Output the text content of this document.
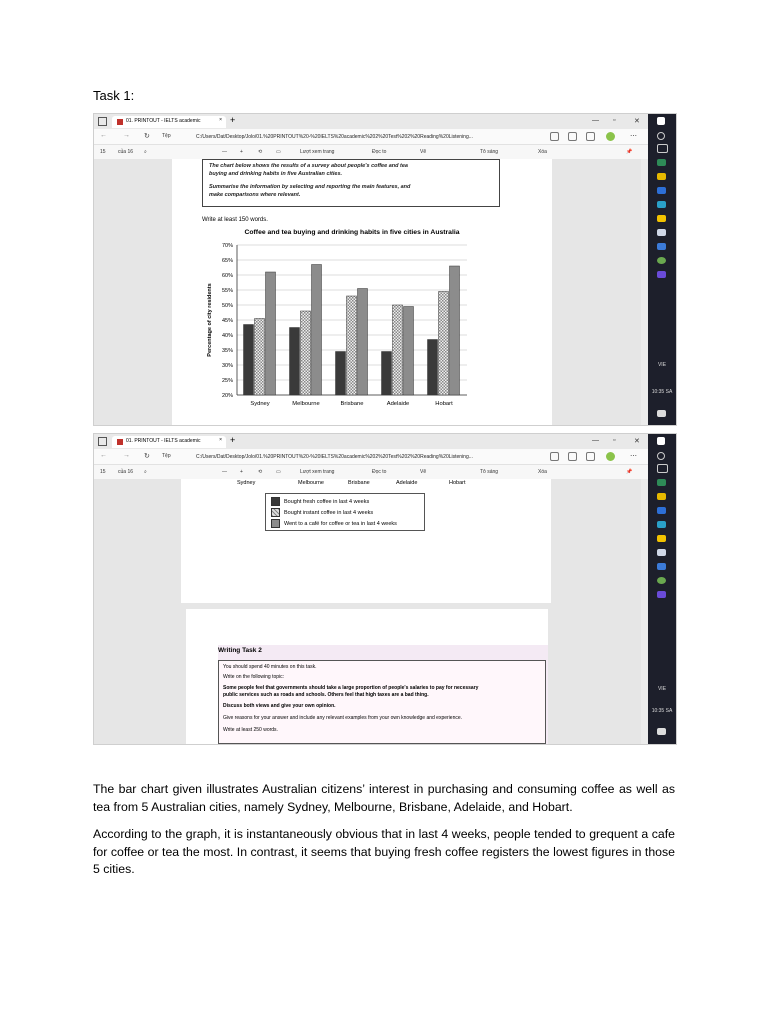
Task 1:
01. PRINTOUT - IELTS academic	× +	— ▫	✕
← → ↻ Tệp	C:/Users/Dat/Desktop/Jolo/01.%20PRINTOUT%20-%20IELTS%20academic%202%20Test%202%20Reading%20Listening...	⋯
15 của 16 ⌕	—	+	⟲	▭	Lượt xem trang	Đọc to	Vẽ	Tô sáng	Xóa	📌

The chart below shows the results of a survey about people's coffee and tea

buying and drinking habits in five Australian cities.

Summarise the information by selecting and reporting the main features, and

make comparisons where relevant.

Write at least 150 words.
Coffee and tea buying and drinking habits in five cities in Australia
70%
65%
60%
55%
50%
45%
40%
35%
30%
25%
20%
Percentage of city residents
Sydney	Melbourne	Brisbane	Adelaide	Hobart
VIE
10:35 SA
01. PRINTOUT - IELTS academic	× +	— ▫	✕
← → ↻ Tệp	C:/Users/Dat/Desktop/Jolo/01.%20PRINTOUT%20-%20IELTS%20academic%202%20Test%202%20Reading%20Listening...	⋯
15 của 16 ⌕	—	+	⟲	▭	Lượt xem trang	Đọc to	Vẽ	Tô sáng	Xóa	📌
Sydney	Melbourne	Brisbane	Adelaide	Hobart
Bought fresh coffee in last 4 weeks
Bought instant coffee in last 4 weeks
Went to a café for coffee or tea in last 4 weeks
Writing Task 2

You should spend 40 minutes on this task.

Write on the following topic:

Some people feel that governments should take a large proportion of people's salaries to pay for necessary

public services such as roads and schools. Others feel that high taxes are a bad thing.

Discuss both views and give your own opinion.

Give reasons for your answer and include any relevant examples from your own knowledge and experience.

Write at least 250 words.

VIE
10:35 SA
The bar chart given illustrates Australian citizens’ interest in purchasing and consuming coffee as well as tea from 5 Australian cities, namely Sydney, Melbourne, Brisbane, Adelaide, and Hobart.
According to the graph, it is instantaneously obvious that in last 4 weeks, people tended to grequent a cafe for coffee or tea the most. In contrast, it seems that buying fresh coffee registers the lowest figures in those 5 cities.
